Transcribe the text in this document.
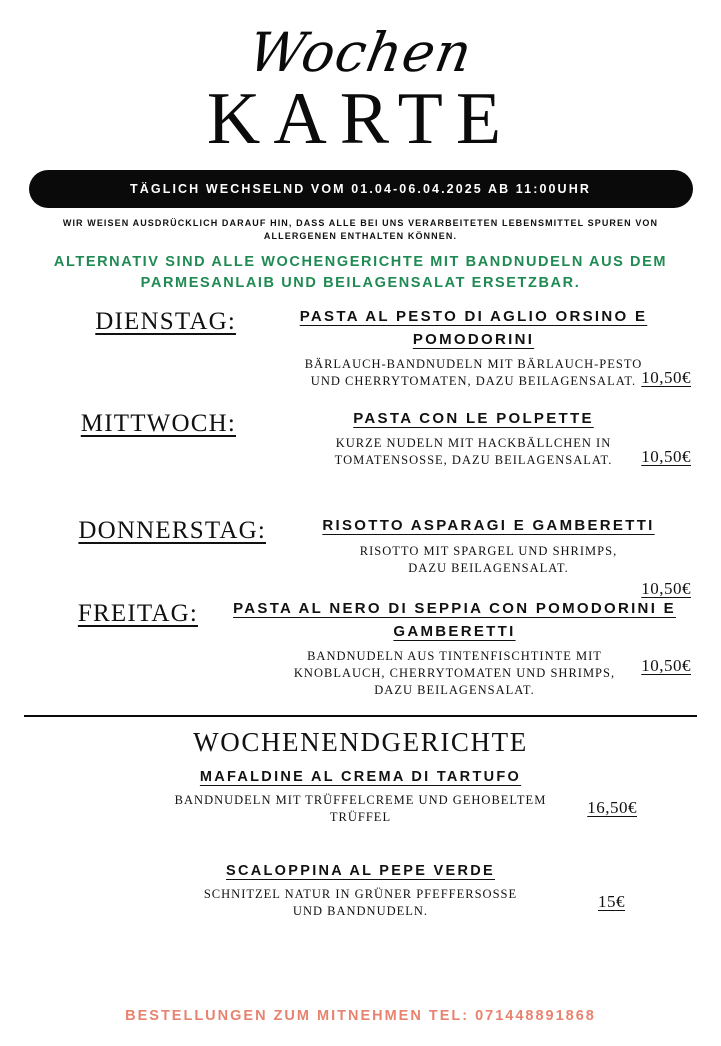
Wochen
KARTE
TÄGLICH WECHSELND VOM 01.04-06.04.2025 AB 11:00UHR
WIR WEISEN AUSDRÜCKLICH DARAUF HIN, DASS ALLE BEI UNS VERARBEITETEN LEBENSMITTEL SPUREN VON ALLERGENEN ENTHALTEN KÖNNEN.
ALTERNATIV SIND ALLE WOCHENGERICHTE MIT BANDNUDELN AUS DEM PARMESANLAIB UND BEILAGENSALAT ERSETZBAR.
DIENSTAG:	PASTA AL PESTO DI AGLIO ORSINO E POMODORINI
BÄRLAUCH-BANDNUDELN MIT BÄRLAUCH-PESTO UND CHERRYTOMATEN, DAZU BEILAGENSALAT. 10,50€
MITTWOCH:	PASTA CON LE POLPETTE
KURZE NUDELN MIT HACKBÄLLCHEN IN TOMATENSOSSE, DAZU BEILAGENSALAT.	10,50€
DONNERSTAG:	RISOTTO ASPARAGI E GAMBERETTI
RISOTTO MIT SPARGEL UND SHRIMPS, DAZU BEILAGENSALAT.
10,50€
FREITAG:	PASTA AL NERO DI SEPPIA CON POMODORINI E GAMBERETTI
BANDNUDELN AUS TINTENFISCHTINTE MIT KNOBLAUCH, CHERRYTOMATEN UND SHRIMPS, DAZU BEILAGENSALAT.
10,50€
WOCHENENDGERICHTE
MAFALDINE AL CREMA DI TARTUFO
BANDNUDELN MIT TRÜFFELCREME UND GEHOBELTEM TRÜFFEL	16,50€
SCALOPPINA AL PEPE VERDE
SCHNITZEL NATUR IN GRÜNER PFEFFERSOSSE UND BANDNUDELN.	15€
BESTELLUNGEN ZUM MITNEHMEN TEL: 071448891868
